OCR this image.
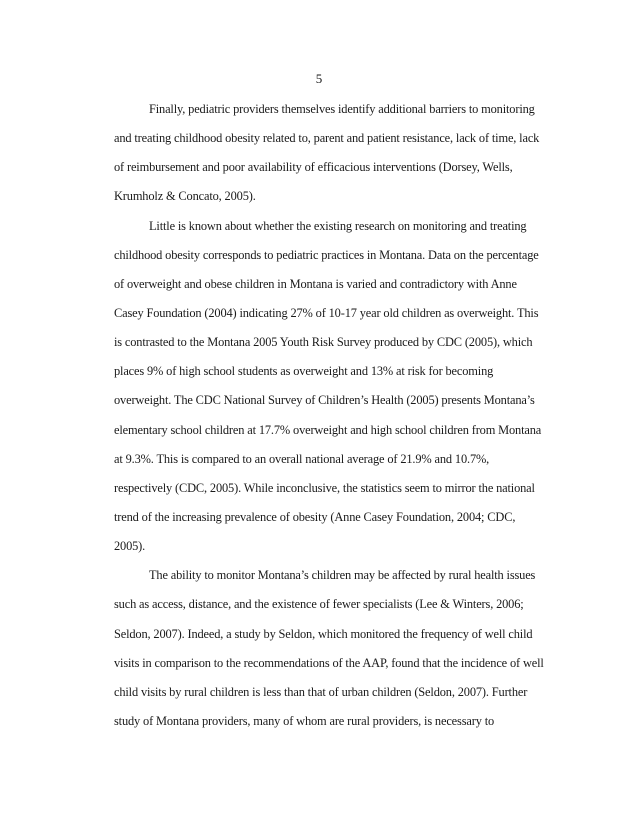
5
Finally, pediatric providers themselves identify additional barriers to monitoring
and treating childhood obesity related to, parent and patient resistance, lack of time, lack
of reimbursement and poor availability of efficacious interventions (Dorsey, Wells,
Krumholz & Concato, 2005).
Little is known about whether the existing research on monitoring and treating
childhood obesity corresponds to pediatric practices in Montana. Data on the percentage
of overweight and obese children in Montana is varied and contradictory with Anne
Casey Foundation (2004) indicating 27% of 10-17 year old children as overweight. This
is contrasted to the Montana 2005 Youth Risk Survey produced by CDC (2005), which
places 9% of high school students as overweight and 13% at risk for becoming
overweight. The CDC National Survey of Children’s Health (2005) presents Montana’s
elementary school children at 17.7% overweight and high school children from Montana
at 9.3%. This is compared to an overall national average of 21.9% and 10.7%,
respectively (CDC, 2005). While inconclusive, the statistics seem to mirror the national
trend of the increasing prevalence of obesity (Anne Casey Foundation, 2004; CDC,
2005).
The ability to monitor Montana’s children may be affected by rural health issues
such as access, distance, and the existence of fewer specialists (Lee & Winters, 2006;
Seldon, 2007). Indeed, a study by Seldon, which monitored the frequency of well child
visits in comparison to the recommendations of the AAP, found that the incidence of well
child visits by rural children is less than that of urban children (Seldon, 2007). Further
study of Montana providers, many of whom are rural providers, is necessary to
